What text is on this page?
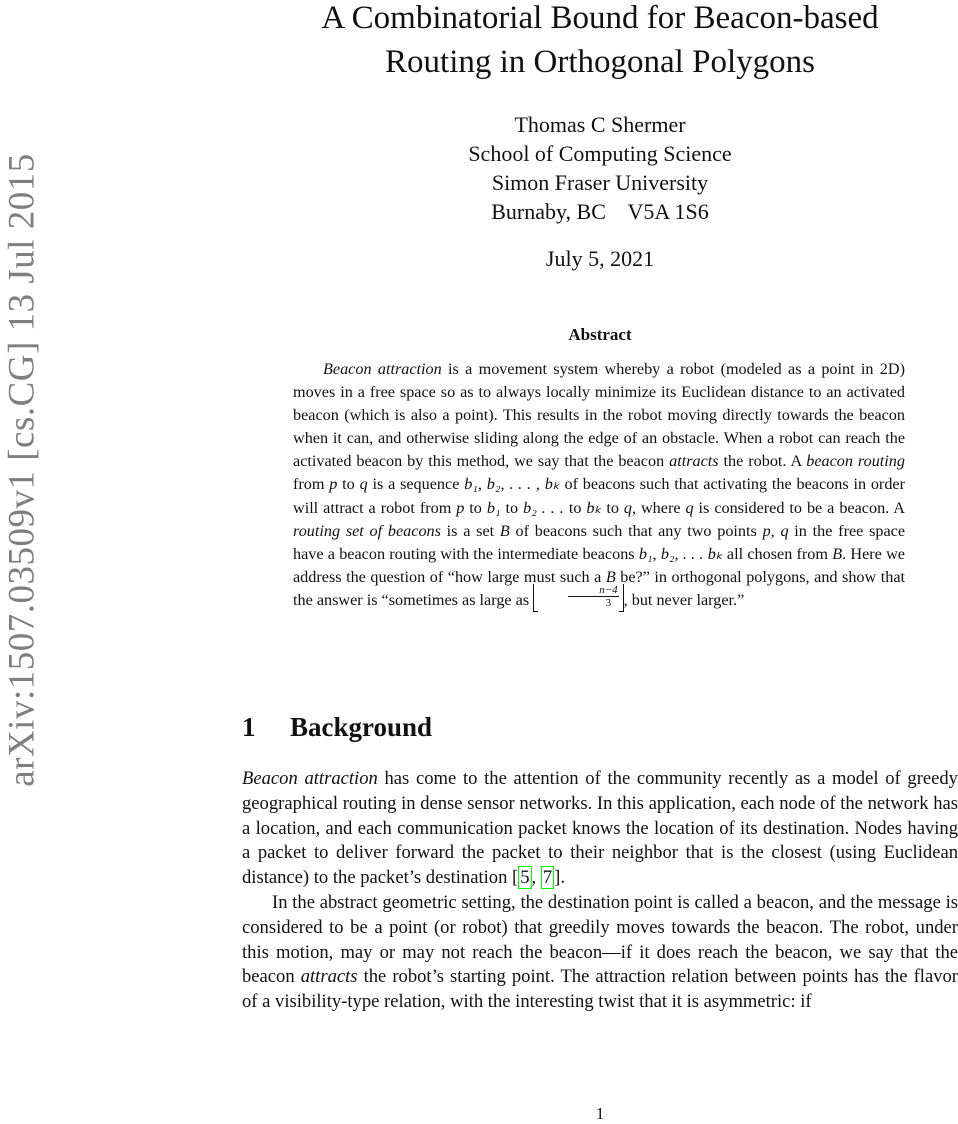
arXiv:1507.03509v1 [cs.CG] 13 Jul 2015
A Combinatorial Bound for Beacon-based
Routing in Orthogonal Polygons
Thomas C Shermer
School of Computing Science
Simon Fraser University
Burnaby, BC    V5A 1S6
July 5, 2021
Abstract
Beacon attraction is a movement system whereby a robot (modeled as a point in 2D) moves in a free space so as to always locally minimize its Euclidean distance to an activated beacon (which is also a point). This results in the robot moving directly towards the beacon when it can, and otherwise sliding along the edge of an obstacle. When a robot can reach the activated beacon by this method, we say that the beacon attracts the robot. A beacon routing from p to q is a sequence b₁, b₂, . . . , bₖ of beacons such that activating the beacons in order will attract a robot from p to b₁ to b₂ . . . to bₖ to q, where q is considered to be a beacon. A routing set of beacons is a set B of beacons such that any two points p, q in the free space have a beacon routing with the intermediate beacons b₁, b₂, . . . bₖ all chosen from B. Here we address the question of “how large must such a B be?” in orthogonal polygons, and show that the answer is “sometimes as large as	$\frac{n-4}{3}$ , but never larger.”
1 Background

Beacon attraction has come to the attention of the community recently as a model of greedy geographical routing in dense sensor networks. In this application, each node of the network has a location, and each communication packet knows the location of its destination. Nodes having a packet to deliver forward the packet to their neighbor that is the closest (using Euclidean distance) to the packet’s destination [ 5 , 7 ].

In the abstract geometric setting, the destination point is called a beacon, and the message is considered to be a point (or robot) that greedily moves towards the beacon. The robot, under this motion, may or may not reach the beacon—if it does reach the beacon, we say that the beacon attracts the robot’s starting point. The attraction relation between points has the flavor of a visibility-type relation, with the interesting twist that it is asymmetric: if

1
